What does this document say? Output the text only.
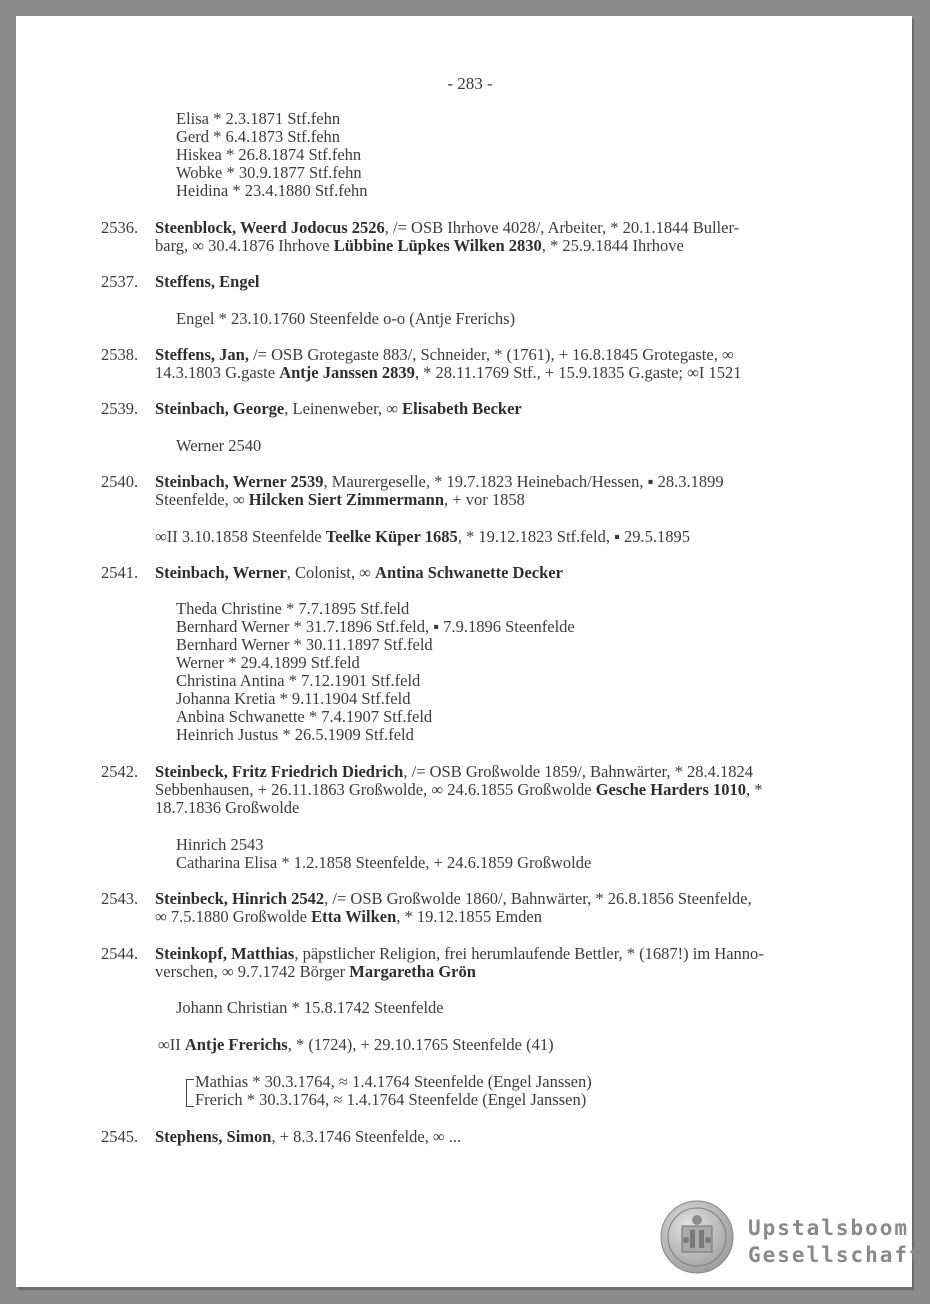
- 283 -
Elisa * 2.3.1871 Stf.fehn
Gerd * 6.4.1873 Stf.fehn
Hiskea * 26.8.1874 Stf.fehn
Wobke * 30.9.1877 Stf.fehn
Heidina * 23.4.1880 Stf.fehn
2536. Steenblock, Weerd Jodocus 2526, /= OSB Ihrhove 4028/, Arbeiter, * 20.1.1844 Buller-
barg, ∞ 30.4.1876 Ihrhove Lübbine Lüpkes Wilken 2830, * 25.9.1844 Ihrhove
2537. Steffens, Engel
Engel * 23.10.1760 Steenfelde o-o (Antje Frerichs)
2538. Steffens, Jan, /= OSB Grotegaste 883/, Schneider, * (1761), + 16.8.1845 Grotegaste, ∞
14.3.1803 G.gaste Antje Janssen 2839, * 28.11.1769 Stf., + 15.9.1835 G.gaste; ∞I 1521
2539. Steinbach, George, Leinenweber, ∞ Elisabeth Becker
Werner 2540
2540. Steinbach, Werner 2539, Maurergeselle, * 19.7.1823 Heinebach/Hessen, ▪ 28.3.1899
Steenfelde, ∞ Hilcken Siert Zimmermann, + vor 1858
∞II 3.10.1858 Steenfelde Teelke Küper 1685, * 19.12.1823 Stf.feld, ▪ 29.5.1895
2541. Steinbach, Werner, Colonist, ∞ Antina Schwanette Decker
Theda Christine * 7.7.1895 Stf.feld
Bernhard Werner * 31.7.1896 Stf.feld, ▪ 7.9.1896 Steenfelde
Bernhard Werner * 30.11.1897 Stf.feld
Werner * 29.4.1899 Stf.feld
Christina Antina * 7.12.1901 Stf.feld
Johanna Kretia * 9.11.1904 Stf.feld
Anbina Schwanette * 7.4.1907 Stf.feld
Heinrich Justus * 26.5.1909 Stf.feld
2542. Steinbeck, Fritz Friedrich Diedrich, /= OSB Großwolde 1859/, Bahnwärter, * 28.4.1824
Sebbenhausen, + 26.11.1863 Großwolde, ∞ 24.6.1855 Großwolde Gesche Harders 1010, *
18.7.1836 Großwolde
Hinrich 2543
Catharina Elisa * 1.2.1858 Steenfelde, + 24.6.1859 Großwolde
2543. Steinbeck, Hinrich 2542, /= OSB Großwolde 1860/, Bahnwärter, * 26.8.1856 Steenfelde,
∞ 7.5.1880 Großwolde Etta Wilken, * 19.12.1855 Emden
2544. Steinkopf, Matthias, päpstlicher Religion, frei herumlaufende Bettler, * (1687!) im Hanno-
verschen, ∞ 9.7.1742 Börger Margaretha Grön
Johann Christian * 15.8.1742 Steenfelde
∞II Antje Frerichs, * (1724), + 29.10.1765 Steenfelde (41)
Mathias * 30.3.1764, ≈ 1.4.1764 Steenfelde (Engel Janssen)
Frerich * 30.3.1764, ≈ 1.4.1764 Steenfelde (Engel Janssen)
2545. Stephens, Simon, + 8.3.1746 Steenfelde, ∞ ...
Upstalsboom
Gesellschaft
